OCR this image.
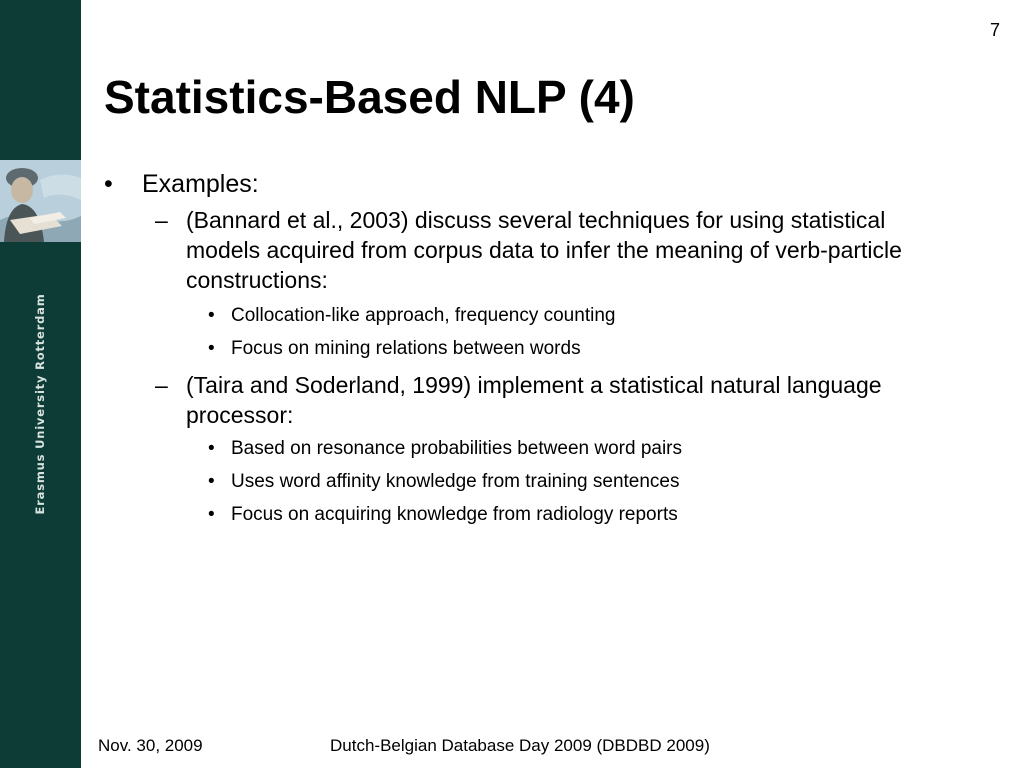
Erasmus University Rotterdam
7
Statistics-Based NLP (4)
• Examples:
– (Bannard et al., 2003) discuss several techniques for using statistical models acquired from corpus data to infer the meaning of verb-particle constructions:
• Collocation-like approach, frequency counting
• Focus on mining relations between words
– (Taira and Soderland, 1999) implement a statistical natural language processor:
• Based on resonance probabilities between word pairs
• Uses word affinity knowledge from training sentences
• Focus on acquiring knowledge from radiology reports
Nov. 30, 2009	Dutch-Belgian Database Day 2009 (DBDBD 2009)
